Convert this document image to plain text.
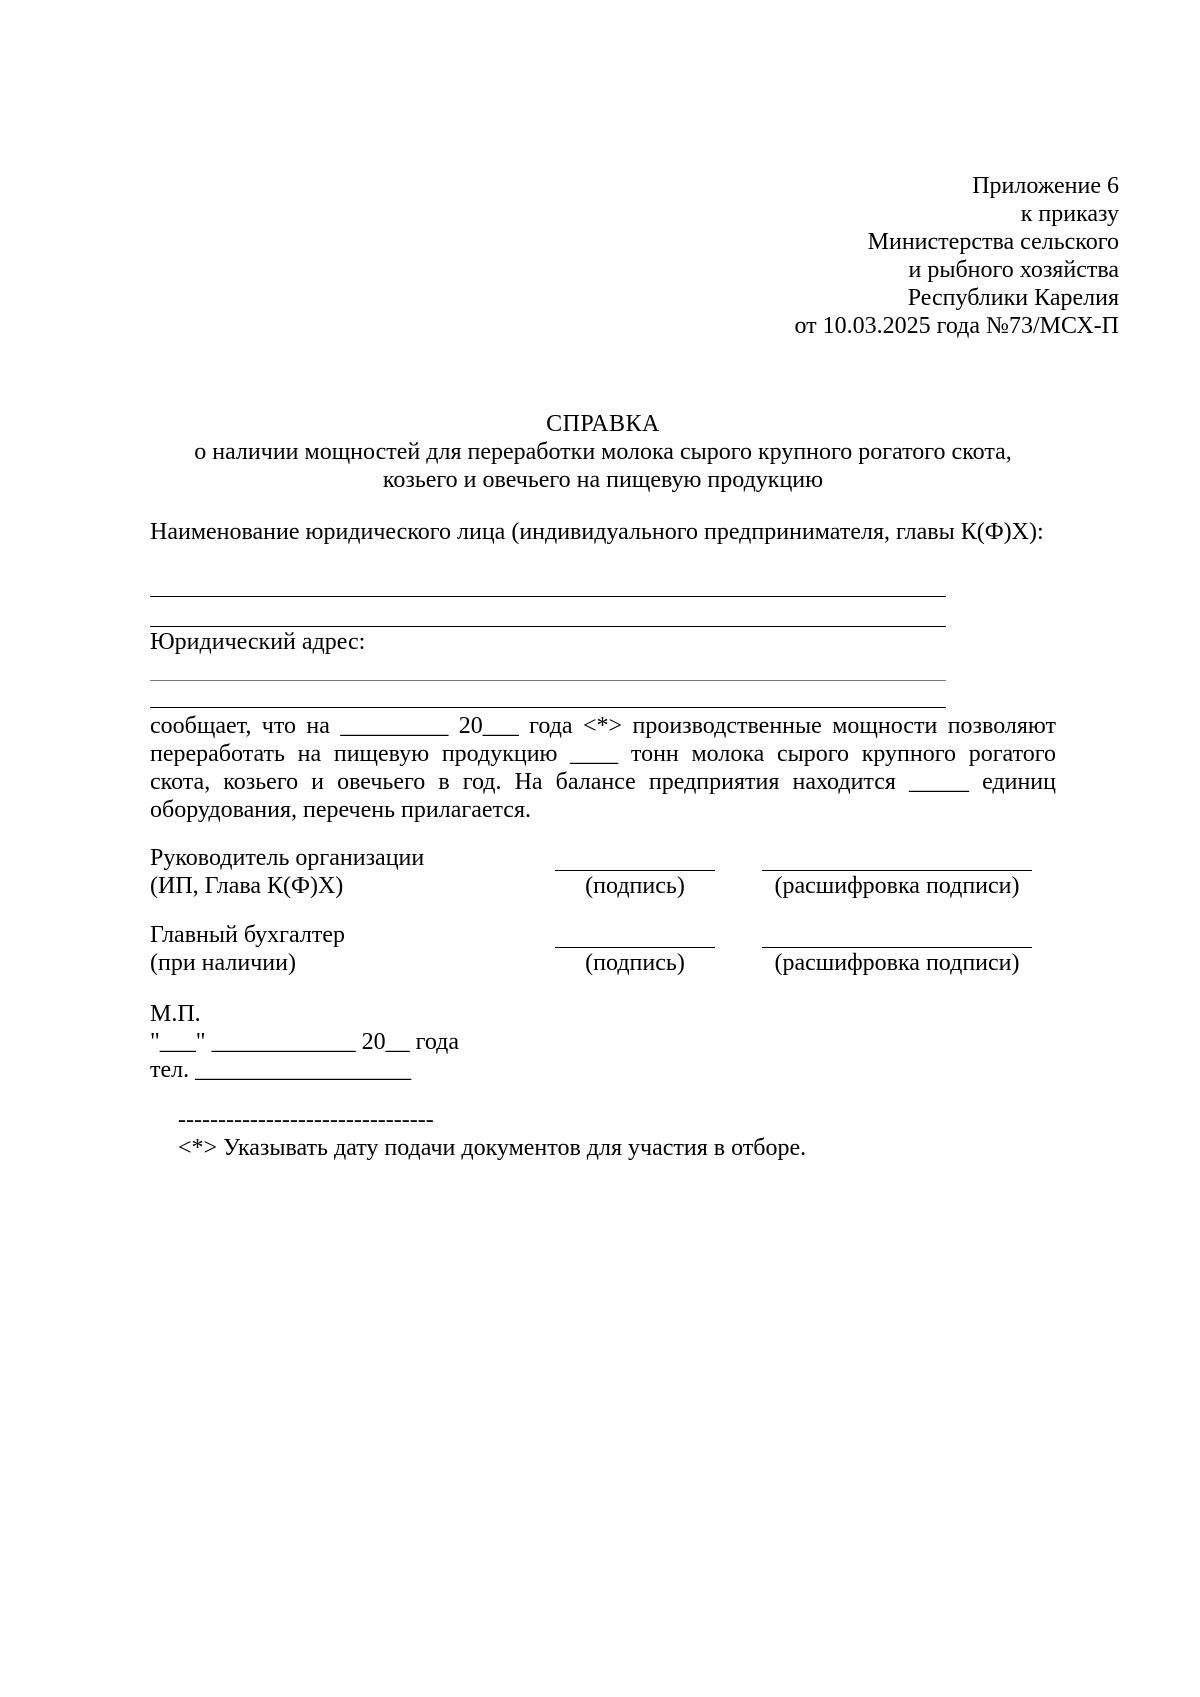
Приложение 6
к приказу
Министерства сельского
и рыбного хозяйства
Республики Карелия
от 10.03.2025 года №73/МСХ-П
СПРАВКА
о наличии мощностей для переработки молока сырого крупного рогатого скота,
козьего и овечьего на пищевую продукцию
Наименование юридического лица (индивидуального предпринимателя, главы К(Ф)Х):
Юридический адрес:
сообщает, что на _________ 20___ года <*> производственные мощности позволяют переработать на пищевую продукцию ____ тонн молока сырого крупного рогатого скота, козьего и овечьего в год. На балансе предприятия находится _____ единиц оборудования, перечень прилагается.
Руководитель организации
(ИП, Глава К(Ф)Х)	(подпись)	(расшифровка подписи)
Главный бухгалтер
(при наличии)	(подпись)	(расшифровка подписи)
М.П.
"___" ____________ 20__ года
тел. __________________
--------------------------------
<*> Указывать дату подачи документов для участия в отборе.
